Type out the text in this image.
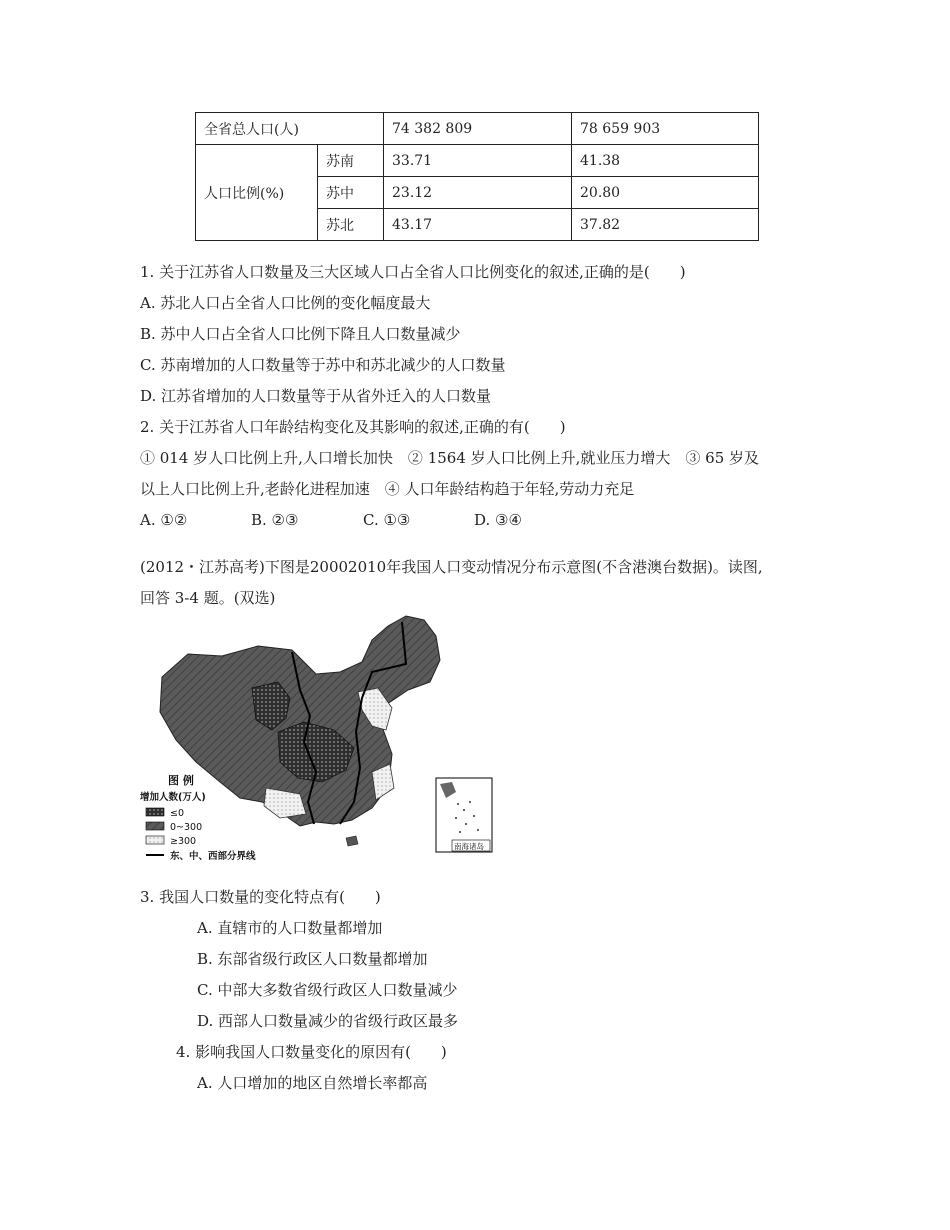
全省总人口(人)		74 382 809	78 659 903
人口比例(%)	苏南	33.71	41.38
	苏中	23.12	20.80
	苏北	43.17	37.82
1. 关于江苏省人口数量及三大区域人口占全省人口比例变化的叙述,正确的是(　　)
A. 苏北人口占全省人口比例的变化幅度最大
B. 苏中人口占全省人口比例下降且人口数量减少
C. 苏南增加的人口数量等于苏中和苏北减少的人口数量
D. 江苏省增加的人口数量等于从省外迁入的人口数量
2. 关于江苏省人口年龄结构变化及其影响的叙述,正确的有(　　)
① 014 岁人口比例上升,人口增长加快　② 1564 岁人口比例上升,就业压力增大　③ 65 岁及
以上人口比例上升,老龄化进程加速　④ 人口年龄结构趋于年轻,劳动力充足
A. ①②	B. ②③	C. ①③	D. ③④
(2012・江苏高考)下图是20002010年我国人口变动情况分布示意图(不含港澳台数据)。读图,
回答 3-4 题。(双选)
图 例
增加人数(万人)
≤0
0~300
≥300
东、中、西部分界线
南海诸岛
3. 我国人口数量的变化特点有(　　)
A. 直辖市的人口数量都增加
B. 东部省级行政区人口数量都增加
C. 中部大多数省级行政区人口数量减少
D. 西部人口数量减少的省级行政区最多
4. 影响我国人口数量变化的原因有(　　)
A. 人口增加的地区自然增长率都高
